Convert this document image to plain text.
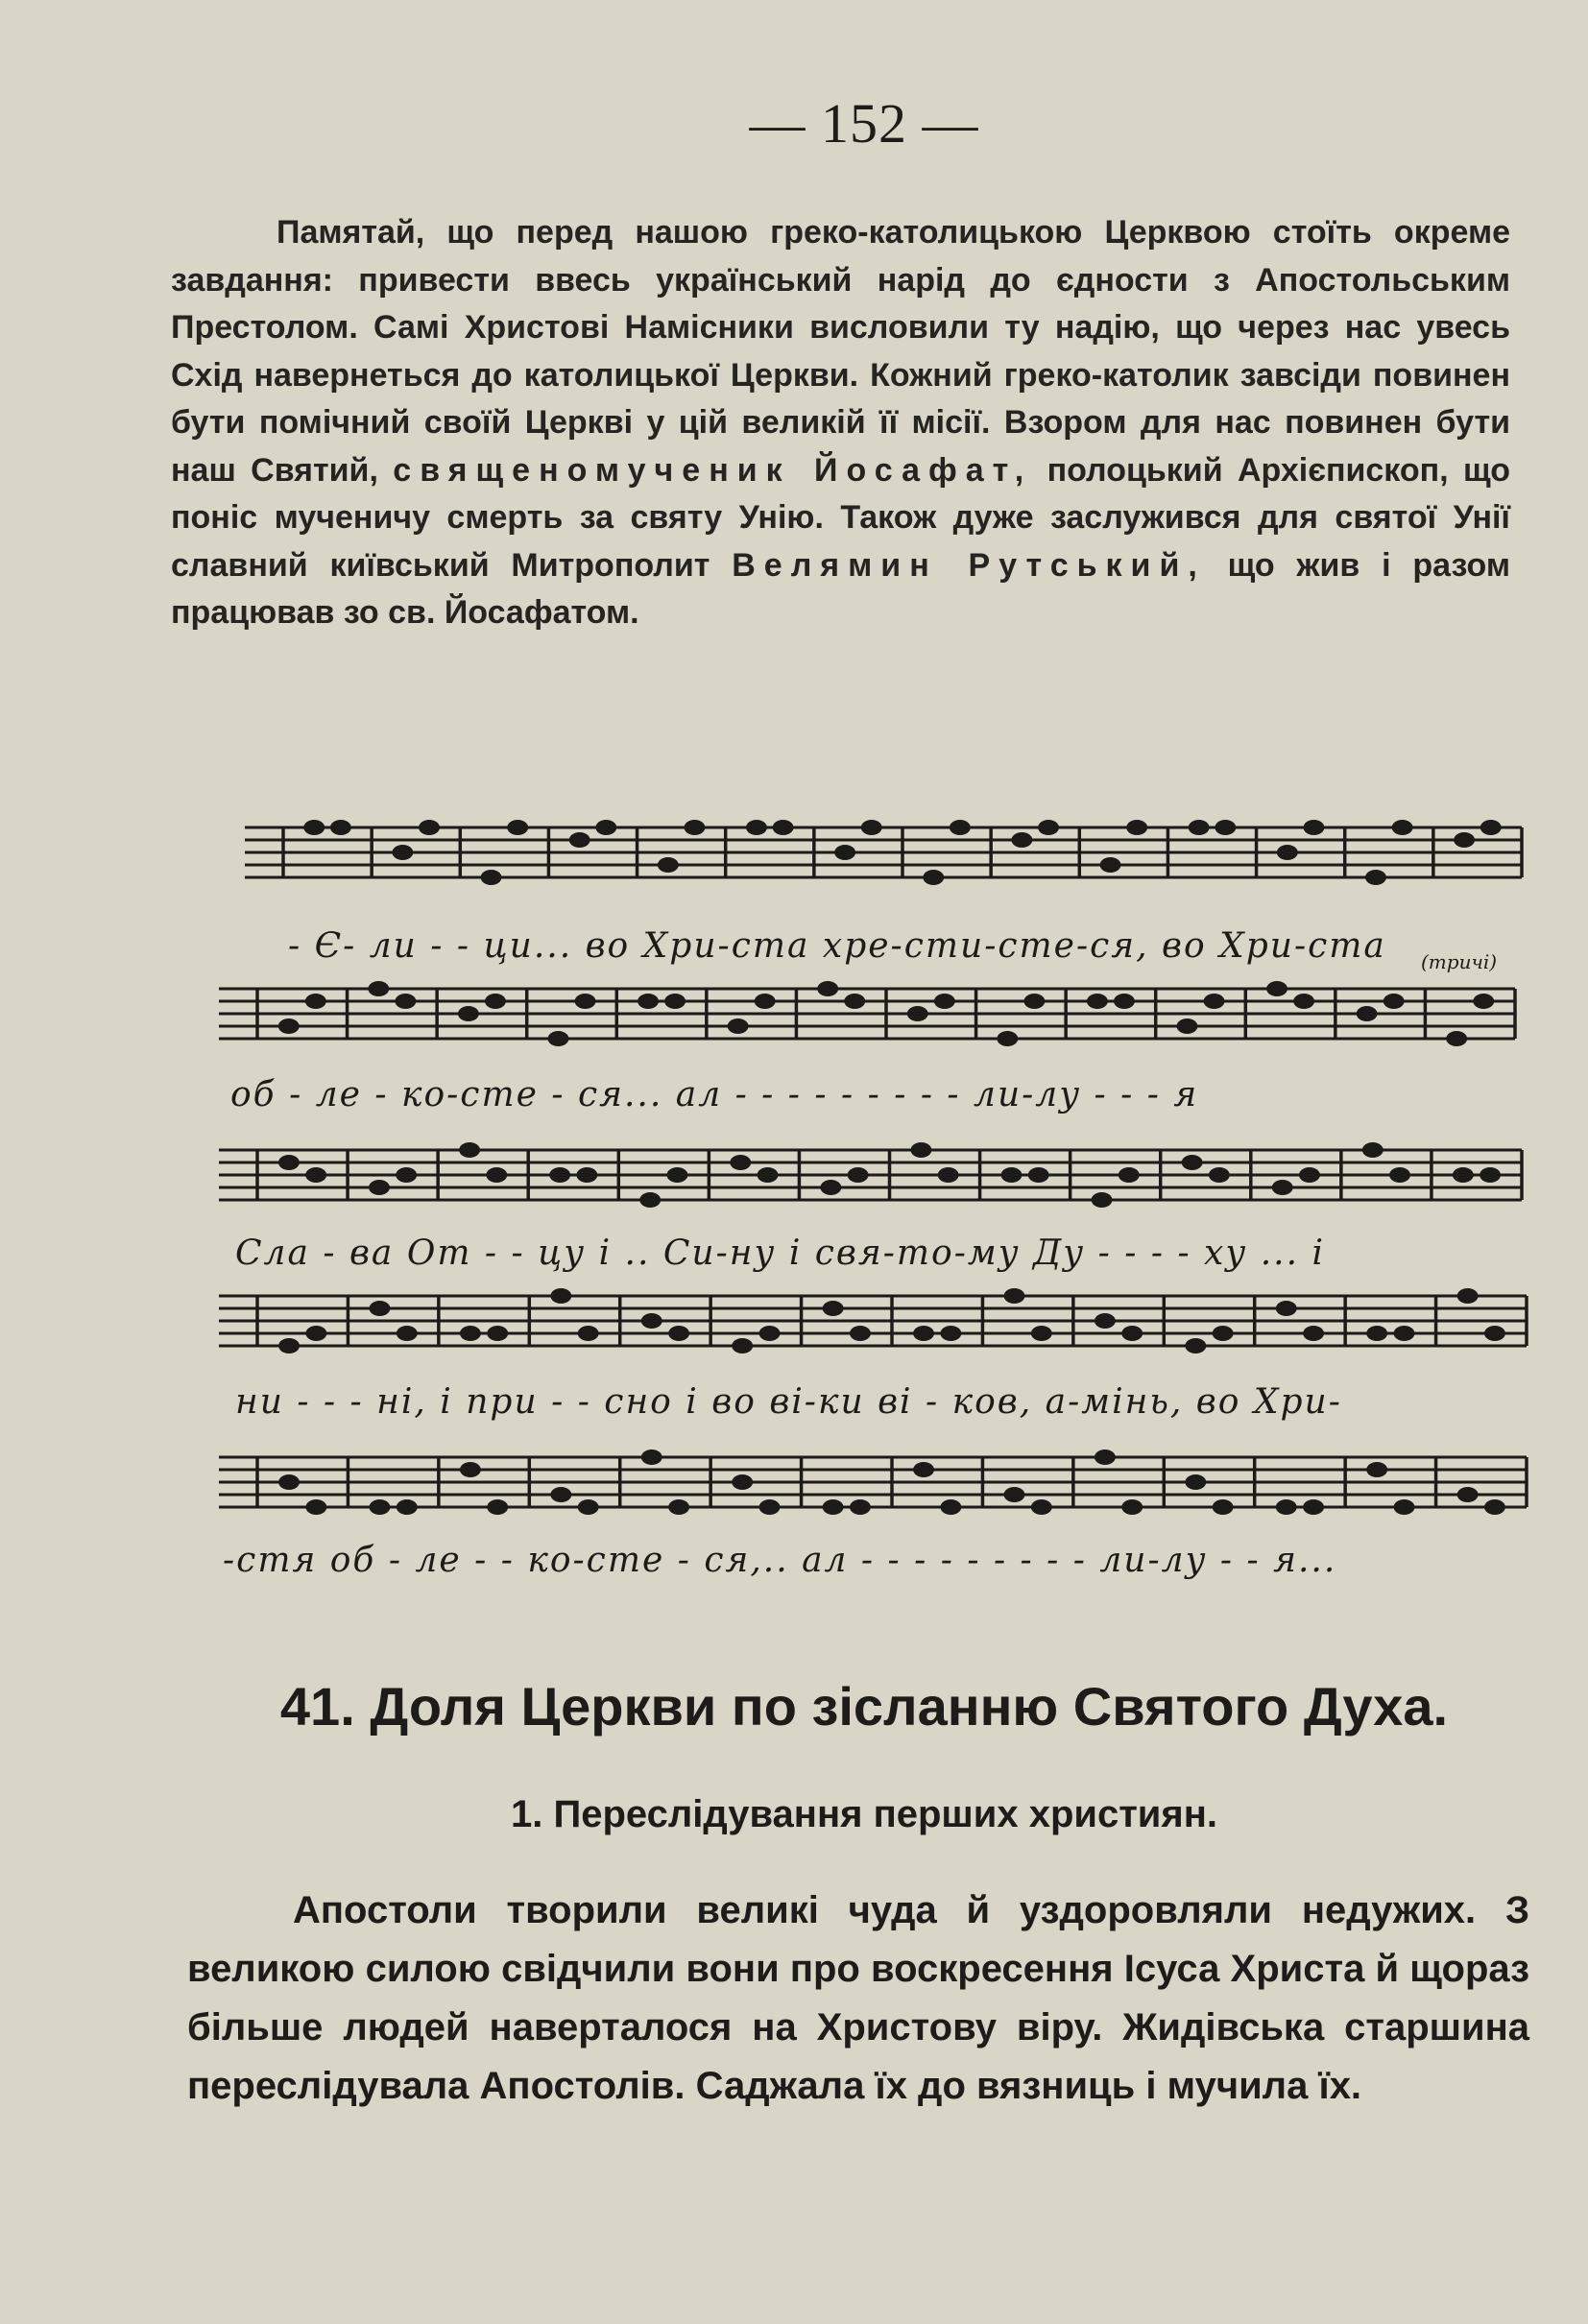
— 152 —

Памятай, що перед нашою греко-католицькою Церквою стоїть окреме завдання: привести ввесь український нарід до єдности з Апостольським Престолом. Самі Христові Намісники висловили ту надію, що через нас увесь Схід навернеться до католицької Церкви. Кожний греко-католик завсіди повинен бути помічний своїй Церкві у цій великій її місії. Взором для нас повинен бути наш Святий, священомученик Йосафат, полоцький Архієпископ, що поніс мученичу смерть за святу Унію. Також дуже заслужився для святої Унії славний київський Митрополит Велямин Рутський, що жив і разом працював зо св. Йосафатом.

- Є- ли - - ци... во Хри-ста хре-сти-сте-ся, во Хри-ста (тричі)
об - ле - ко-сте - ся... ал - - - - - - - - - ли-лу - - - я
Сла - ва От - - цу і .. Си-ну і свя-то-му Ду - - - - ху ... і
ни - - - ні, і при - - сно і во ві-ки ві - ков, а-мінь, во Хри-
-стя об - ле - - ко-сте - ся,.. ал - - - - - - - - - ли-лу - - я...
41. Доля Церкви по зісланню Святого Духа.
1. Переслідування перших християн.

Апостоли творили великі чуда й уздоровляли недужих. З великою силою свідчили вони про воскресення Ісуса Христа й щораз більше людей наверталося на Христову віру. Жидівська старшина переслідувала Апостолів. Саджала їх до вязниць і мучила їх.
